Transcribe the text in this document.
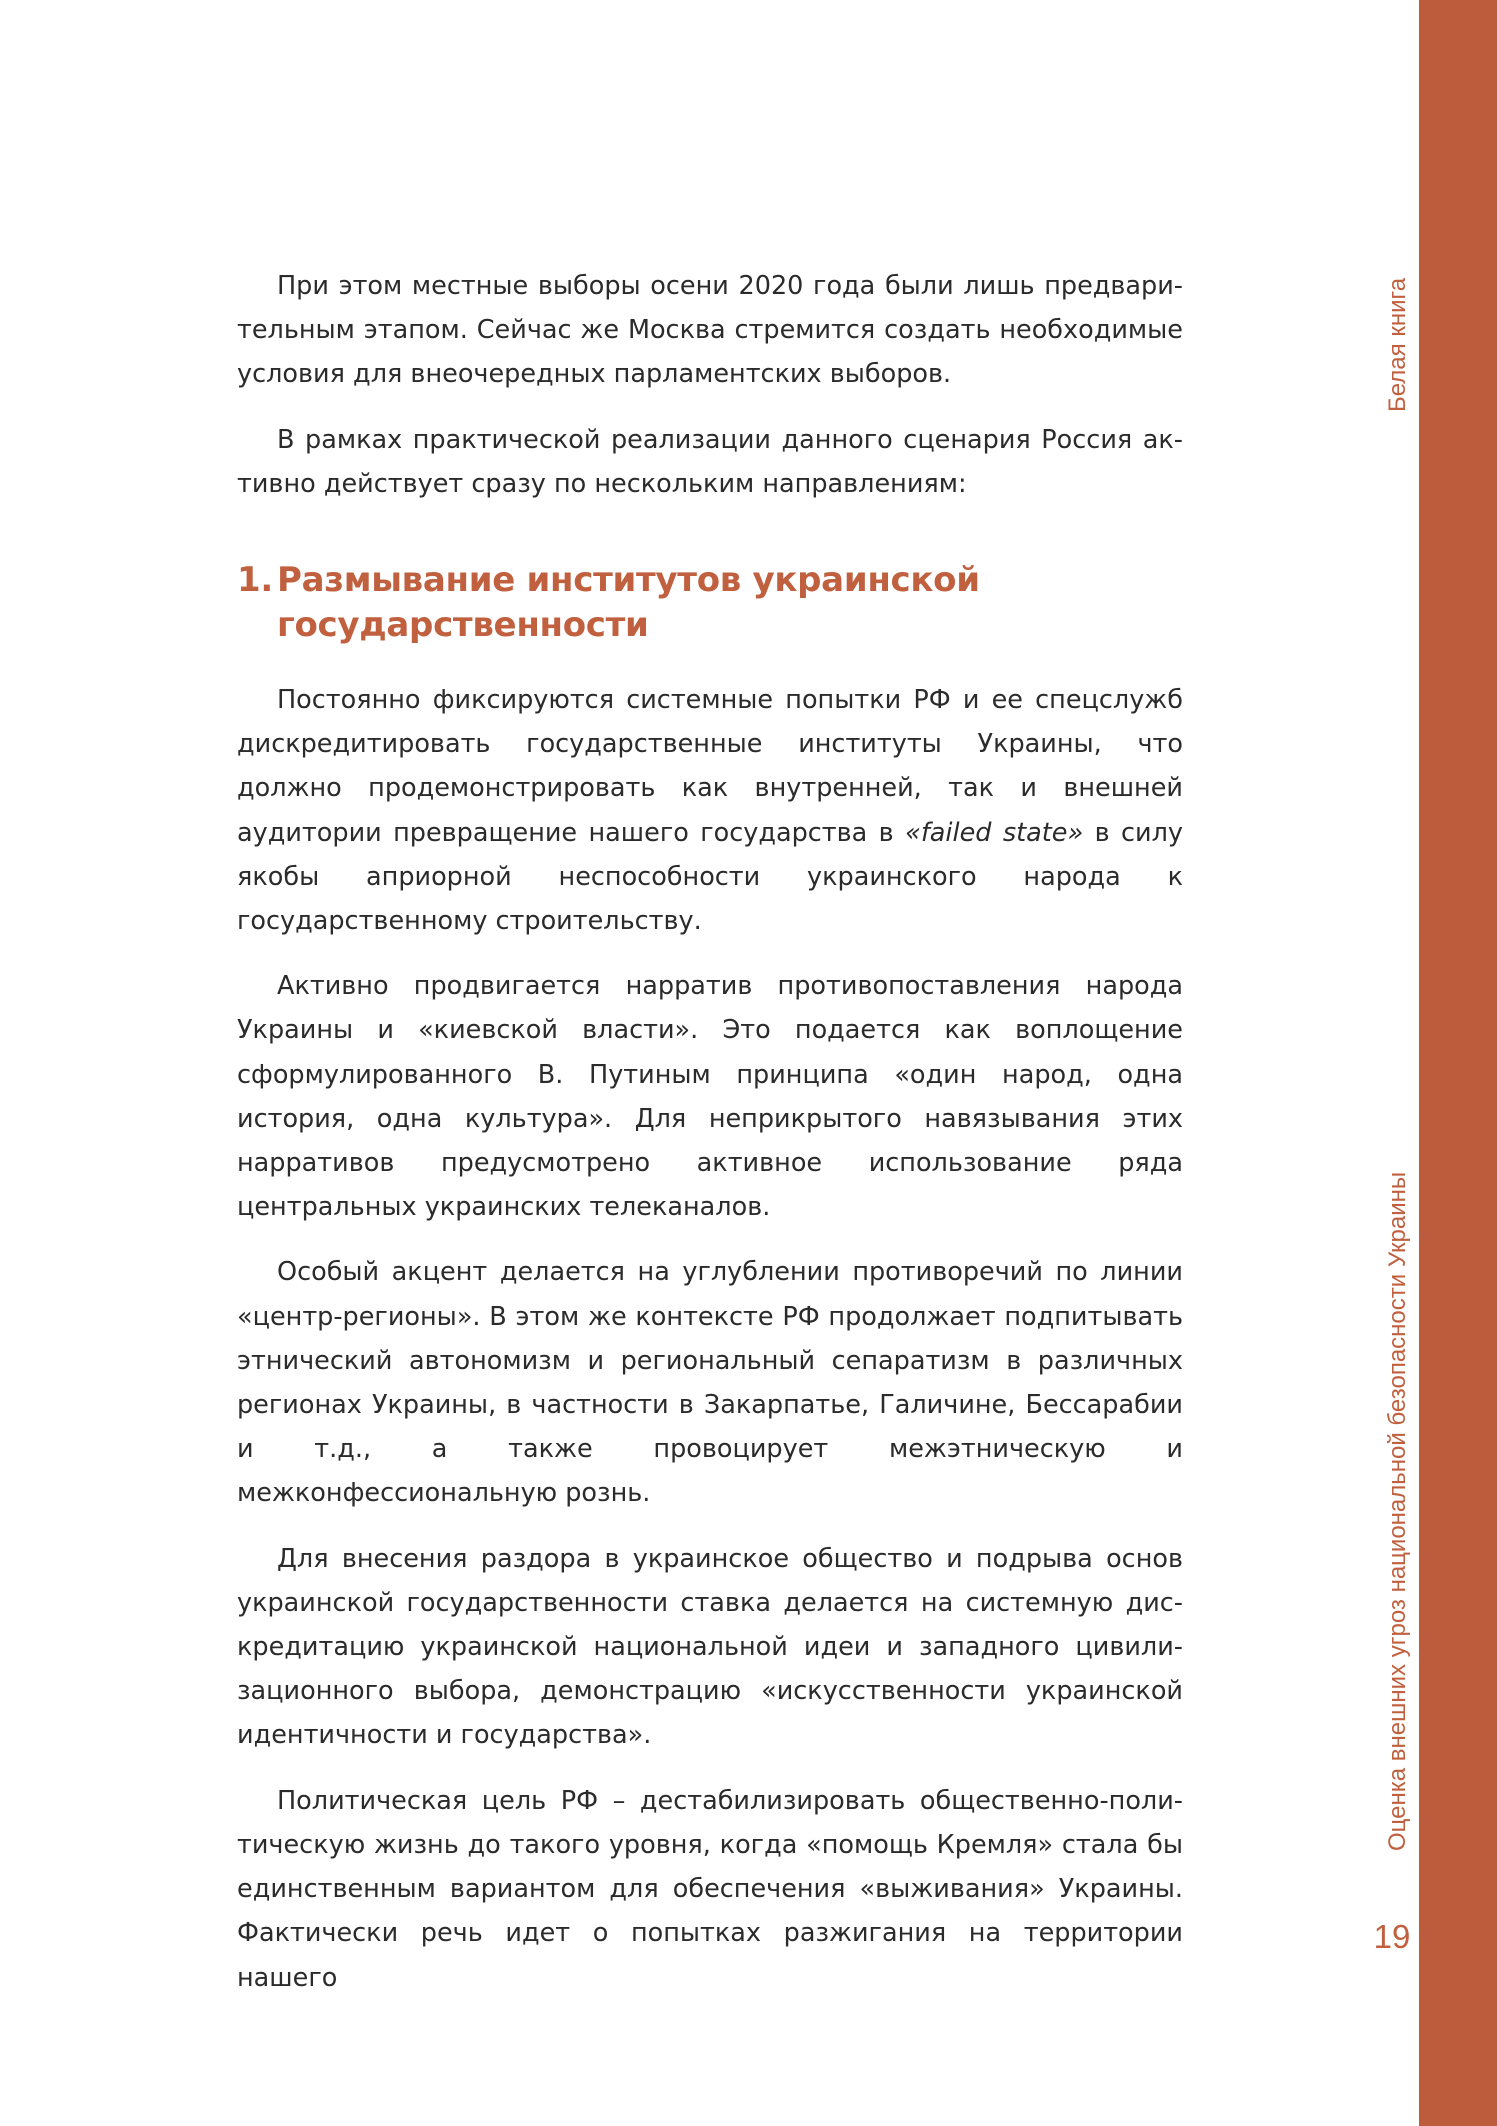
При этом местные выборы осени 2020 года были лишь предварительным этапом. Сейчас же Москва стремится создать необходимые условия для внеочередных парламентских выборов.

В рамках практической реализации данного сценария Россия активно действует сразу по нескольким направлениям:

1. Размывание институтов украинской государственности

Постоянно фиксируются системные попытки РФ и ее спецслужб дискредитировать государственные институты Украины, что должно продемонстрировать как внутренней, так и внешней аудитории превращение нашего государства в «failed state» в силу якобы априорной неспособности украинского народа к государственному строительству.

Активно продвигается нарратив противопоставления народа Украины и «киевской власти». Это подается как воплощение сформулированного В. Путиным принципа «один народ, одна история, одна культура». Для неприкрытого навязывания этих нарративов предусмотрено активное использование ряда центральных украинских телеканалов.

Особый акцент делается на углублении противоречий по линии «центр-регионы». В этом же контексте РФ продолжает подпитывать этнический автономизм и региональный сепаратизм в различных регионах Украины, в частности в Закарпатье, Галичине, Бессарабии и т.д., а также провоцирует межэтническую и межконфессиональную рознь.

Для внесения раздора в украинское общество и подрыва основ украинской государственности ставка делается на системную дискредитацию украинской национальной идеи и западного цивилизационного выбора, демонстрацию «искусственности украинской идентичности и государства».

Политическая цель РФ – дестабилизировать общественно-политическую жизнь до такого уровня, когда «помощь Кремля» стала бы единственным вариантом для обеспечения «выживания» Украины. Фактически речь идет о попытках разжигания на территории нашего

Белая книга
Оценка внешних угроз национальной безопасности Украины
19
